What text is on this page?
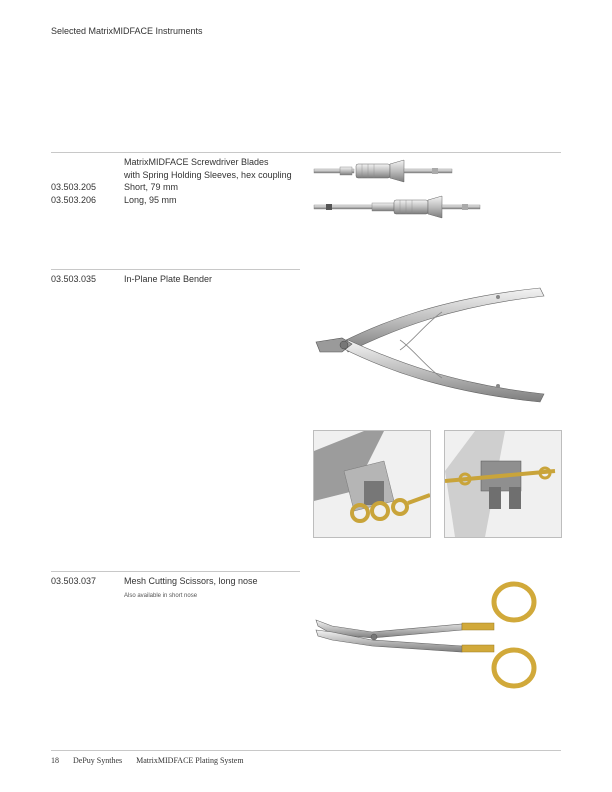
Selected MatrixMIDFACE Instruments
MatrixMIDFACE Screwdriver Blades
with Spring Holding Sleeves, hex coupling
03.503.205	Short, 79 mm
03.503.206	Long, 95 mm
03.503.035	In-Plane Plate Bender
03.503.037	Mesh Cutting Scissors, long nose
Also available in short nose
18 DePuy Synthes MatrixMIDFACE Plating System
